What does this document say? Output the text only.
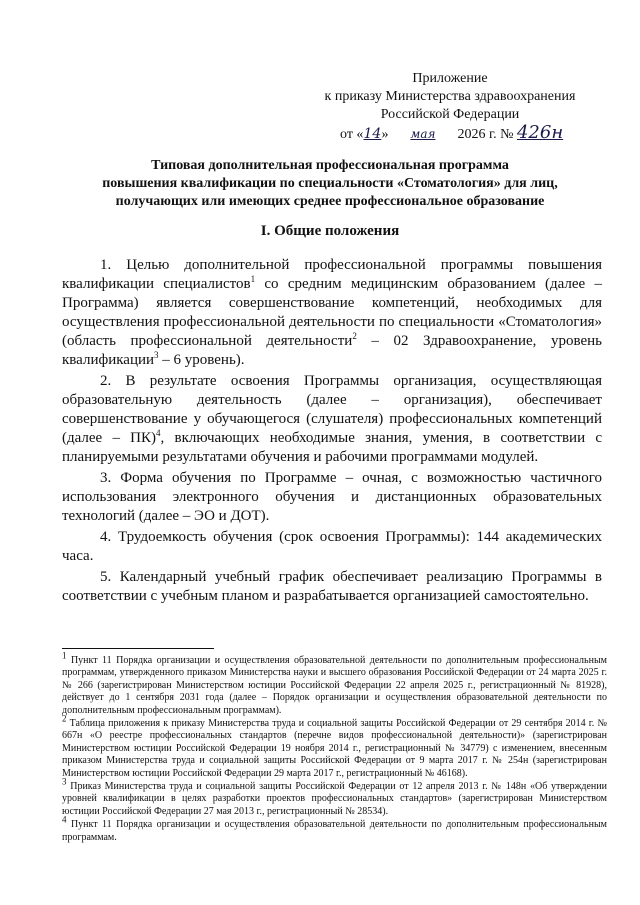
Приложение
к приказу Министерства здравоохранения
Российской Федерации
от «14» мая 2026 г. № 426н
Типовая дополнительная профессиональная программа
повышения квалификации по специальности «Стоматология» для лиц,
получающих или имеющих среднее профессиональное образование
I. Общие положения

1. Целью дополнительной профессиональной программы повышения квалификации специалистов$^1$ со средним медицинским образованием (далее – Программа) является совершенствование компетенций, необходимых для осуществления профессиональной деятельности по специальности «Стоматология» (область профессиональной деятельности$^2$ – 02 Здравоохранение, уровень квалификации$^3$ – 6 уровень).

2. В результате освоения Программы организация, осуществляющая образовательную деятельность (далее – организация), обеспечивает совершенствование у обучающегося (слушателя) профессиональных компетенций (далее – ПК)$^4$, включающих необходимые знания, умения, в соответствии с планируемыми результатами обучения и рабочими программами модулей.

3. Форма обучения по Программе – очная, с возможностью частичного использования электронного обучения и дистанционных образовательных технологий (далее – ЭО и ДОТ).

4. Трудоемкость обучения (срок освоения Программы): 144 академических часа.

5. Календарный учебный график обеспечивает реализацию Программы в соответствии с учебным планом и разрабатывается организацией самостоятельно.

$^1$ Пункт 11 Порядка организации и осуществления образовательной деятельности по дополнительным профессиональным программам, утвержденного приказом Министерства науки и высшего образования Российской Федерации от 24 марта 2025 г. № 266 (зарегистрирован Министерством юстиции Российской Федерации 22 апреля 2025 г., регистрационный № 81928), действует до 1 сентября 2031 года (далее – Порядок организации и осуществления образовательной деятельности по дополнительным профессиональным программам).
$^2$ Таблица приложения к приказу Министерства труда и социальной защиты Российской Федерации от 29 сентября 2014 г. № 667н «О реестре профессиональных стандартов (перечне видов профессиональной деятельности)» (зарегистрирован Министерством юстиции Российской Федерации 19 ноября 2014 г., регистрационный № 34779) с изменением, внесенным приказом Министерства труда и социальной защиты Российской Федерации от 9 марта 2017 г. № 254н (зарегистрирован Министерством юстиции Российской Федерации 29 марта 2017 г., регистрационный № 46168).
$^3$ Приказ Министерства труда и социальной защиты Российской Федерации от 12 апреля 2013 г. № 148н «Об утверждении уровней квалификации в целях разработки проектов профессиональных стандартов» (зарегистрирован Министерством юстиции Российской Федерации 27 мая 2013 г., регистрационный № 28534).
$^4$ Пункт 11 Порядка организации и осуществления образовательной деятельности по дополнительным профессиональным программам.
